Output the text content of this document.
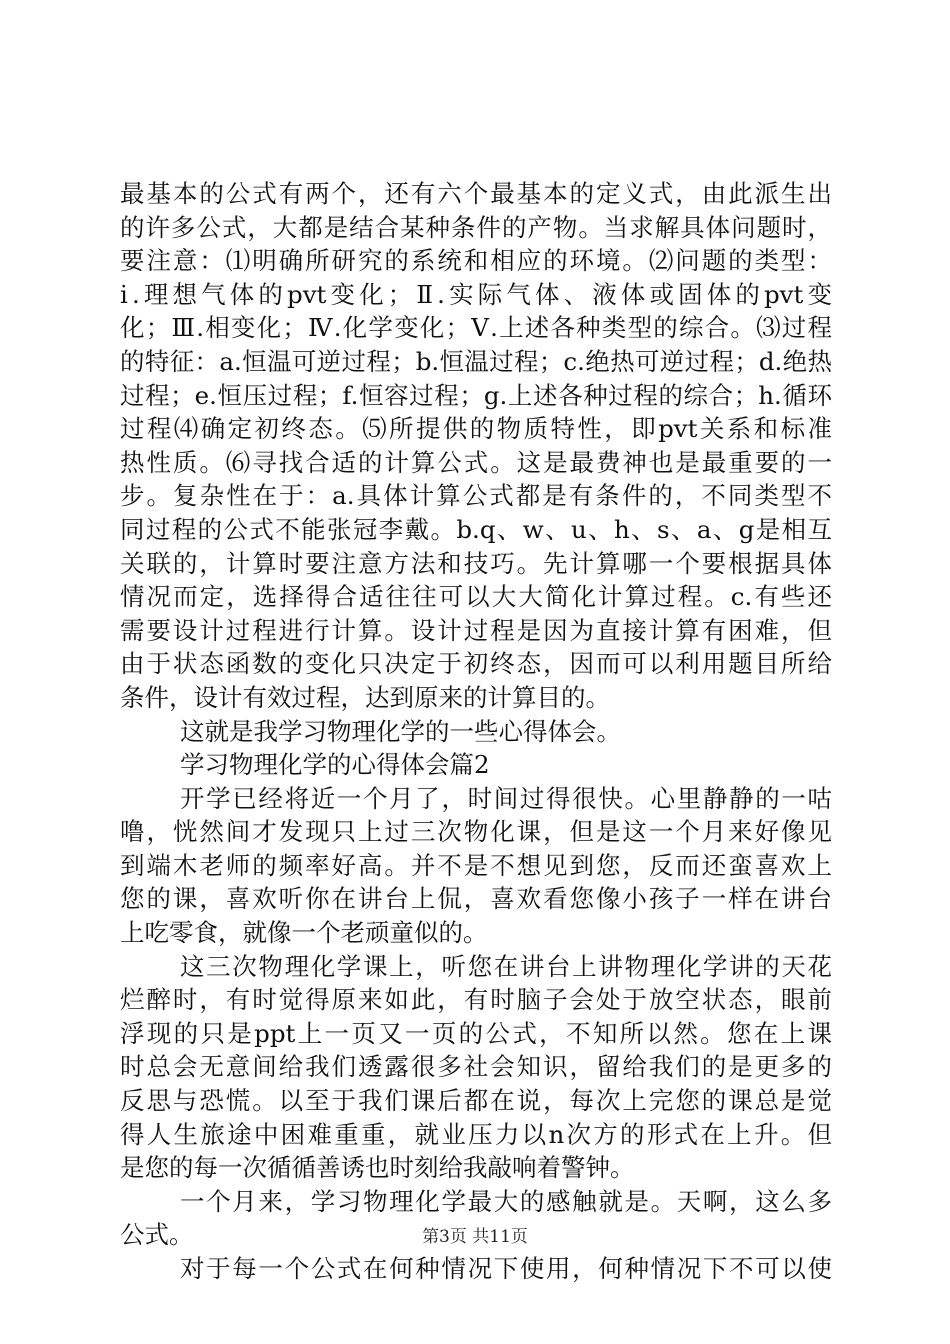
最基本的公式有两个，还有六个最基本的定义式，由此派生出
的许多公式，大都是结合某种条件的产物。当求解具体问题时，
要注意：⑴明确所研究的系统和相应的环境。⑵问题的类型：
ⅰ.理想气体的pvt变化；Ⅱ.实际气体、液体或固体的pvt变
化；Ⅲ.相变化；Ⅳ.化学变化；Ⅴ.上述各种类型的综合。⑶过程
的特征：a.恒温可逆过程；b.恒温过程；c.绝热可逆过程；d.绝热
过程；e.恒压过程；f.恒容过程；g.上述各种过程的综合；h.循环
过程⑷确定初终态。⑸所提供的物质特性，即pvt关系和标准
热性质。⑹寻找合适的计算公式。这是最费神也是最重要的一
步。复杂性在于：a.具体计算公式都是有条件的，不同类型不
同过程的公式不能张冠李戴。b.q、w、u、h、s、a、g是相互
关联的，计算时要注意方法和技巧。先计算哪一个要根据具体
情况而定，选择得合适往往可以大大简化计算过程。c.有些还
需要设计过程进行计算。设计过程是因为直接计算有困难，但
由于状态函数的变化只决定于初终态，因而可以利用题目所给
条件，设计有效过程，达到原来的计算目的。
这就是我学习物理化学的一些心得体会。
学习物理化学的心得体会篇2
开学已经将近一个月了，时间过得很快。心里静静的一咕
噜，恍然间才发现只上过三次物化课，但是这一个月来好像见
到端木老师的频率好高。并不是不想见到您，反而还蛮喜欢上
您的课，喜欢听你在讲台上侃，喜欢看您像小孩子一样在讲台
上吃零食，就像一个老顽童似的。
这三次物理化学课上，听您在讲台上讲物理化学讲的天花
烂醉时，有时觉得原来如此，有时脑子会处于放空状态，眼前
浮现的只是ppt上一页又一页的公式，不知所以然。您在上课
时总会无意间给我们透露很多社会知识，留给我们的是更多的
反思与恐慌。以至于我们课后都在说，每次上完您的课总是觉
得人生旅途中困难重重，就业压力以n次方的形式在上升。但
是您的每一次循循善诱也时刻给我敲响着警钟。
一个月来，学习物理化学最大的感触就是。天啊，这么多
公式。
对于每一个公式在何种情况下使用，何种情况下不可以使
第3页 共11页
